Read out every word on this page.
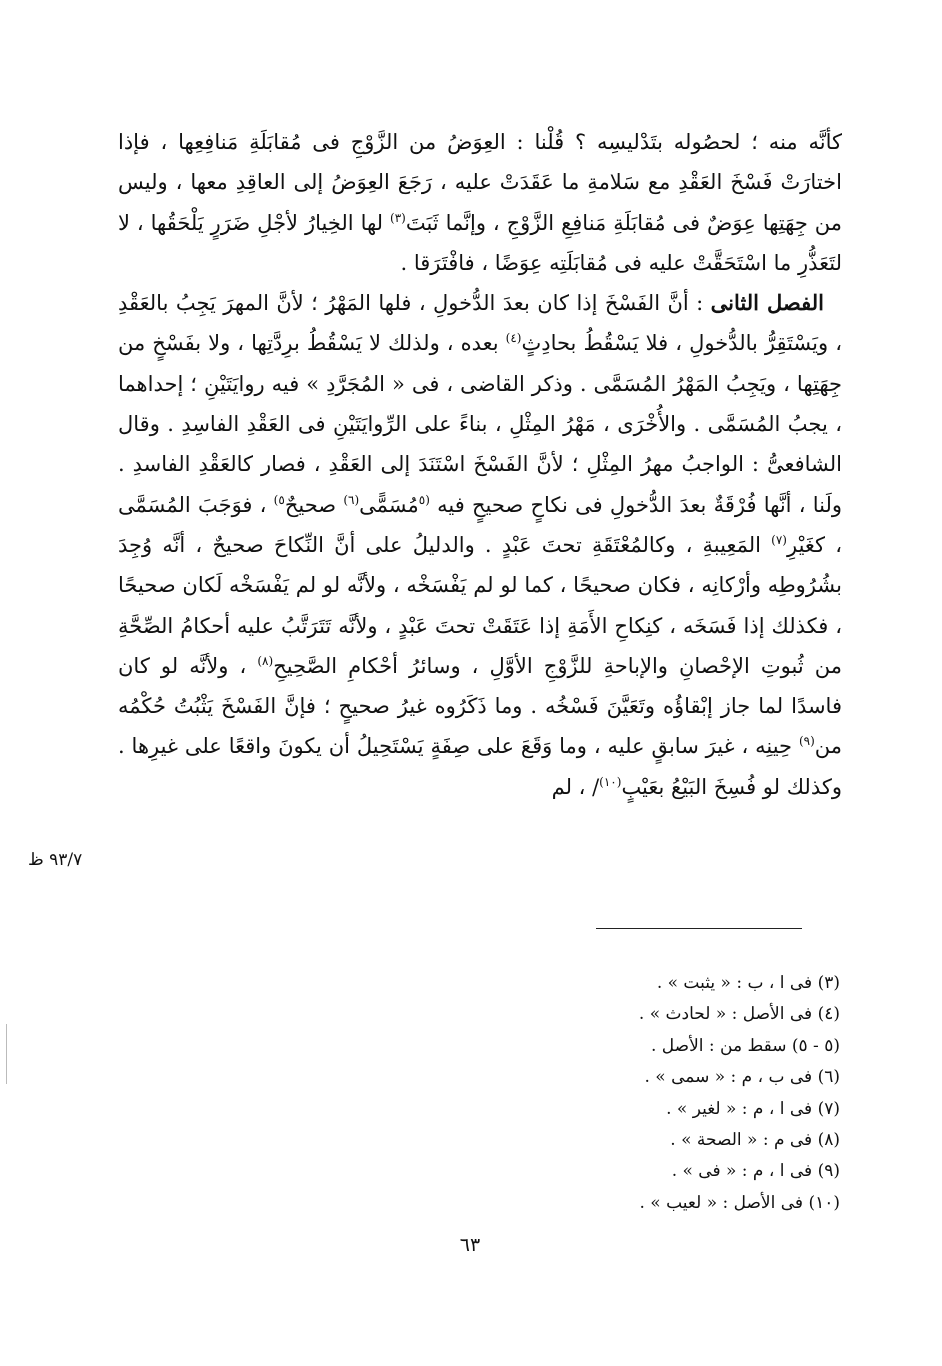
كأنَّه منه ؛ لحصُوله بتَدْليسِه ؟ قُلْنا : العِوَضُ من الزَّوْجِ فى مُقابَلَةِ مَنافِعِها ، فإذا اختارَتْ فَسْخَ العَقْدِ مع سَلامةِ ما عَقَدَتْ عليه ، رَجَعَ العِوَضُ إلى العاقِدِ معها ، وليس من جِهَتِها عِوَضٌ فى مُقابَلَةِ مَنافِعِ الزَّوْجِ ، وإنَّما ثَبَتَ$^{(٣)}$ لها الخِيارُ لأجْلِ ضَرَرٍ يَلْحَقُها ، لا لتَعَذُّرِ ما اسْتَحَقَّتْ عليه فى مُقابَلَتِه عِوَضًا ، فافْتَرَقا .

الفصل الثانى : أنَّ الفَسْخَ إذا كان بعدَ الدُّخولِ ، فلها المَهْرُ ؛ لأنَّ المهرَ يَجِبُ بالعَقْدِ ، ويَسْتَقِرُّ بالدُّخولِ ، فلا يَسْقُطُ بحادِثٍ$^{(٤)}$ بعده ، ولذلك لا يَسْقُطُ برِدَّتِها ، ولا بفَسْخٍ من جِهَتِها ، ويَجِبُ المَهْرُ المُسَمَّى . وذكر القاضى ، فى « المُجَرَّدِ » فيه روايَتَيْنِ ؛ إحداهما ، يجبُ المُسَمَّى . والأُخْرَى ، مَهْرُ المِثْلِ ، بناءً على الرِّوايَتَيْنِ فى العَقْدِ الفاسِدِ . وقال الشافعىُّ : الواجبُ مهرُ المِثْلِ ؛ لأنَّ الفَسْخَ اسْتَنَدَ إلى العَقْدِ ، فصار كالعَقْدِ الفاسدِ . ولَنا ، أنَّها فُرْقَةٌ بعدَ الدُّخولِ فى نكاحٍ صحيحٍ فيه $^{(٥}$مُسَمًّى$^{(٦)}$ صحيحٌ$^{٥)}$ ، فوَجَبَ المُسَمَّى ، كغَيْرِ$^{(٧)}$ المَعِيبةِ ، وكالمُعْتَقَةِ تحتَ عَبْدٍ . والدليلُ على أنَّ النِّكاحَ صحيحٌ ، أنَّه وُجِدَ بشُرُوطِه وأرْكانِه ، فكان صحيحًا ، كما لو لم يَفْسَخْه ، ولأنَّه لو لم يَفْسَخْه لَكان صحيحًا ، فكذلك إذا فَسَخَه ، كنِكاحِ الأَمَةِ إذا عَتَقَتْ تحتَ عَبْدٍ ، ولأنَّه تَتَرَتَّبُ عليه أحكامُ الصِّحَّةِ من ثُبوتِ الإحْصانِ والإباحةِ للزَّوْجِ الأوَّلِ ، وسائرُ أحْكامِ الصَّحِيحِ$^{(٨)}$ ، ولأنَّه لو كان فاسدًا لما جاز إبْقاؤُه وتَعَيَّنَ فَسْخُه . وما ذَكَرُوه غيرُ صحيحٍ ؛ فإنَّ الفَسْخَ يَثْبُتُ حُكْمُه من$^{(٩)}$ حِينِه ، غيرَ سابقٍ عليه ، وما وَقَعَ على صِفَةٍ يَسْتَحِيلُ أن يكونَ واقعًا على غيرِها . وكذلك لو فُسِخَ البَيْعُ بعَيْبٍ$^{(١٠)}$/ ، لم

٩٣/٧ ظ
(٣) فى ا ، ب : « يثبت » .
(٤) فى الأصل : « لحادث » .
(٥ - ٥) سقط من : الأصل .
(٦) فى ب ، م : « سمى » .
(٧) فى ا ، م : « لغير » .
(٨) فى م : « الصحة » .
(٩) فى ا ، م : « فى » .
(١٠) فى الأصل : « لعيب » .
٦٣
